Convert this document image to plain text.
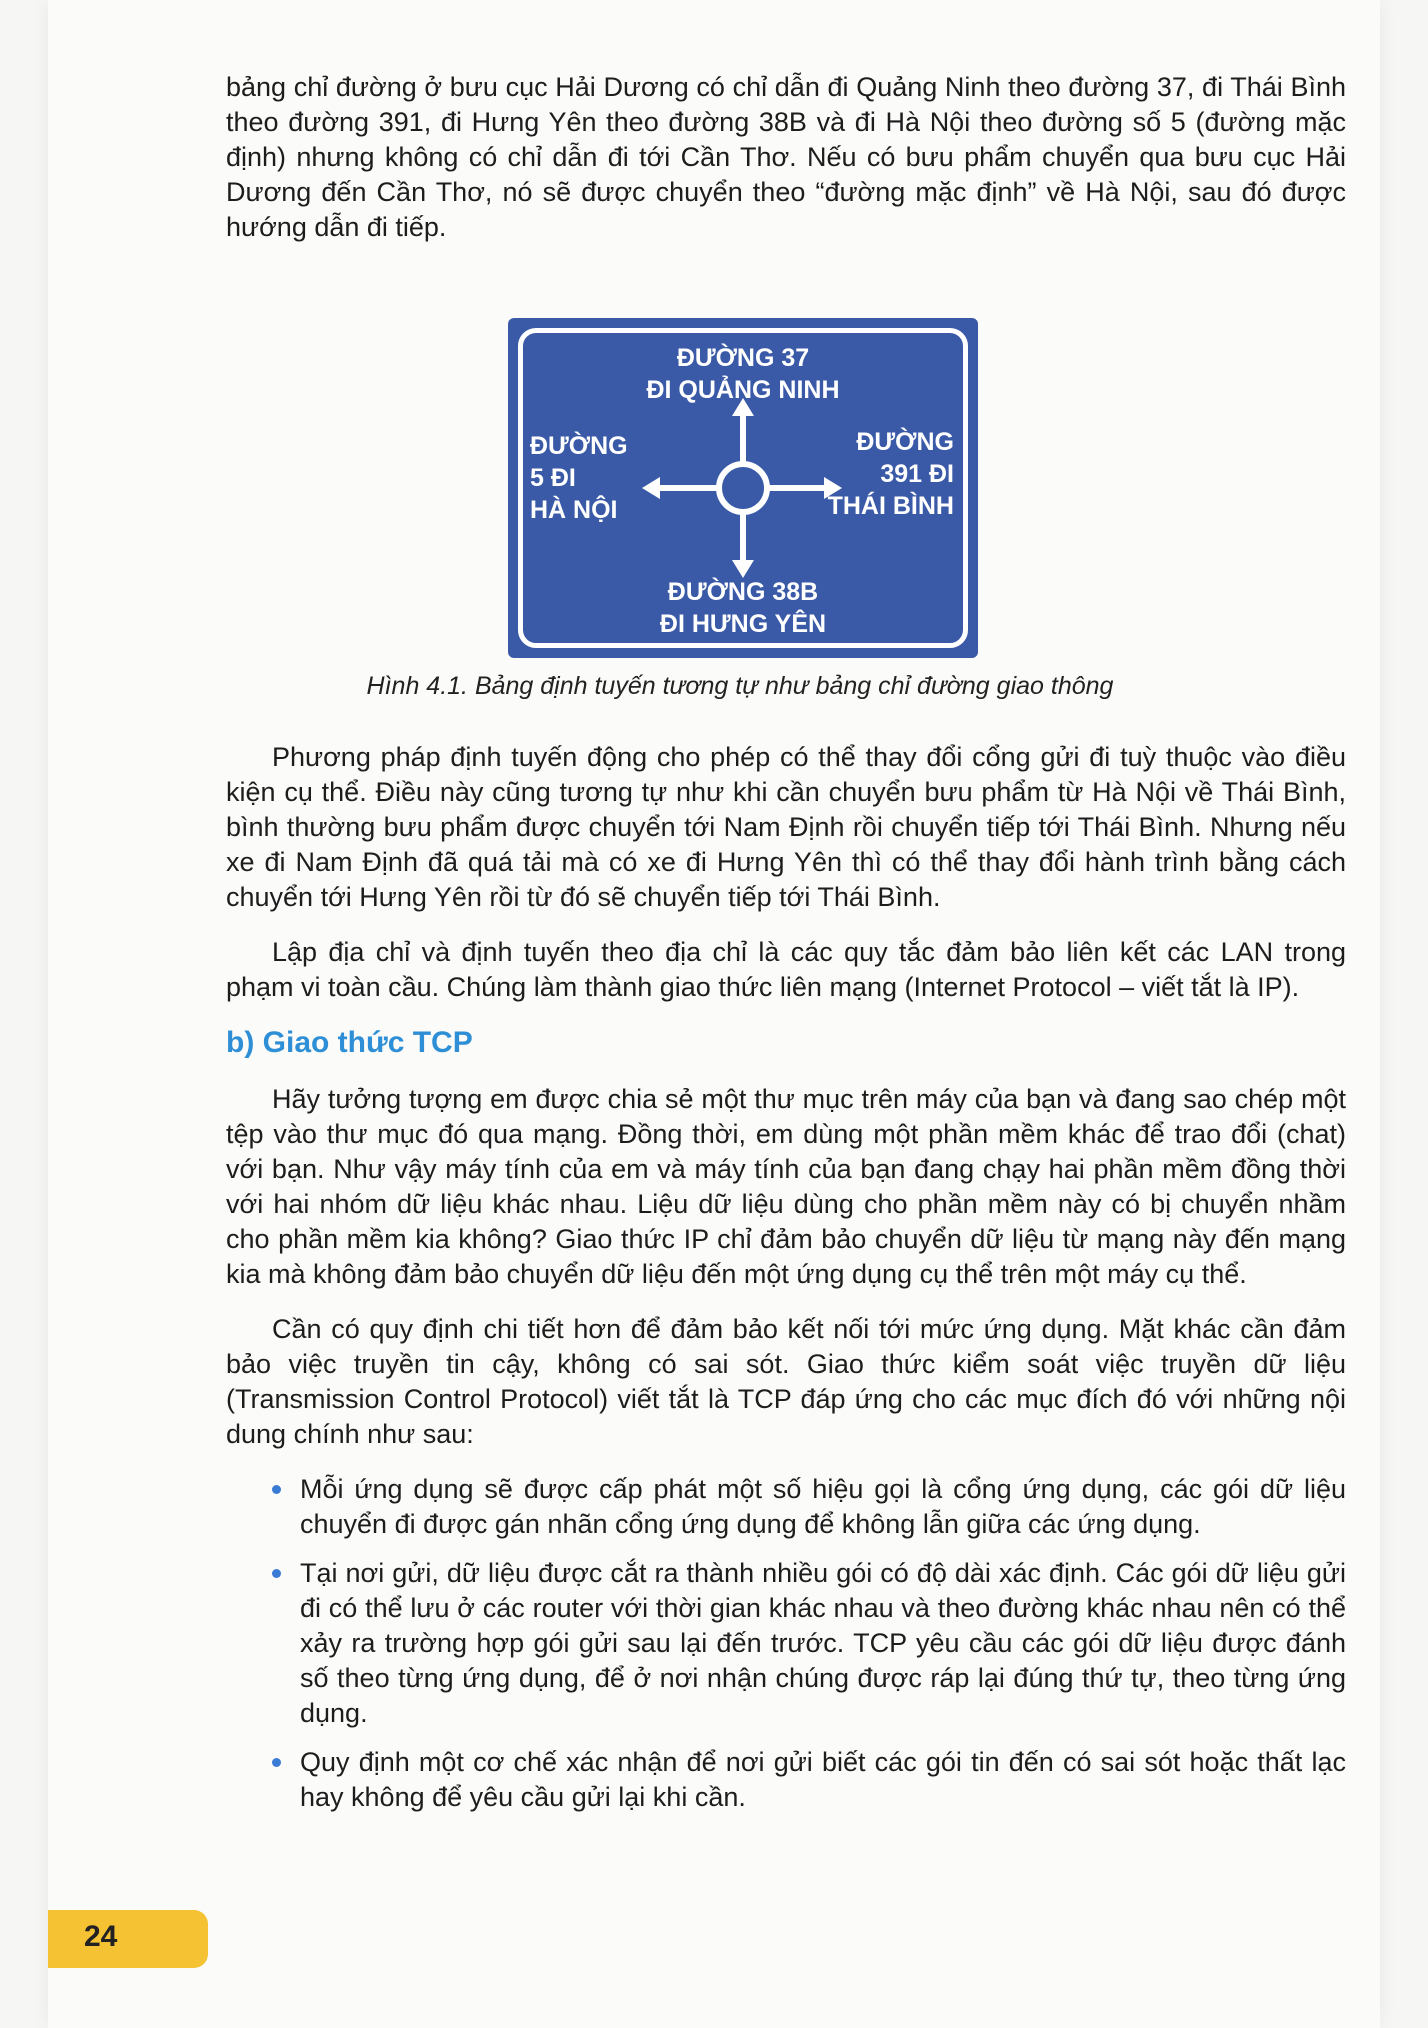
bảng chỉ đường ở bưu cục Hải Dương có chỉ dẫn đi Quảng Ninh theo đường 37, đi Thái Bình theo đường 391, đi Hưng Yên theo đường 38B và đi Hà Nội theo đường số 5 (đường mặc định) nhưng không có chỉ dẫn đi tới Cần Thơ. Nếu có bưu phẩm chuyển qua bưu cục Hải Dương đến Cần Thơ, nó sẽ được chuyển theo “đường mặc định” về Hà Nội, sau đó được hướng dẫn đi tiếp.

ĐƯỜNG 37
ĐI QUẢNG NINH
ĐƯỜNG
5 ĐI
HÀ NỘI
ĐƯỜNG
391 ĐI
THÁI BÌNH
ĐƯỜNG 38B
ĐI HƯNG YÊN
Hình 4.1. Bảng định tuyến tương tự như bảng chỉ đường giao thông

Phương pháp định tuyến động cho phép có thể thay đổi cổng gửi đi tuỳ thuộc vào điều kiện cụ thể. Điều này cũng tương tự như khi cần chuyển bưu phẩm từ Hà Nội về Thái Bình, bình thường bưu phẩm được chuyển tới Nam Định rồi chuyển tiếp tới Thái Bình. Nhưng nếu xe đi Nam Định đã quá tải mà có xe đi Hưng Yên thì có thể thay đổi hành trình bằng cách chuyển tới Hưng Yên rồi từ đó sẽ chuyển tiếp tới Thái Bình.

Lập địa chỉ và định tuyến theo địa chỉ là các quy tắc đảm bảo liên kết các LAN trong phạm vi toàn cầu. Chúng làm thành giao thức liên mạng (Internet Protocol – viết tắt là IP).

b) Giao thức TCP

Hãy tưởng tượng em được chia sẻ một thư mục trên máy của bạn và đang sao chép một tệp vào thư mục đó qua mạng. Đồng thời, em dùng một phần mềm khác để trao đổi (chat) với bạn. Như vậy máy tính của em và máy tính của bạn đang chạy hai phần mềm đồng thời với hai nhóm dữ liệu khác nhau. Liệu dữ liệu dùng cho phần mềm này có bị chuyển nhầm cho phần mềm kia không? Giao thức IP chỉ đảm bảo chuyển dữ liệu từ mạng này đến mạng kia mà không đảm bảo chuyển dữ liệu đến một ứng dụng cụ thể trên một máy cụ thể.

Cần có quy định chi tiết hơn để đảm bảo kết nối tới mức ứng dụng. Mặt khác cần đảm bảo việc truyền tin cậy, không có sai sót. Giao thức kiểm soát việc truyền dữ liệu (Transmission Control Protocol) viết tắt là TCP đáp ứng cho các mục đích đó với những nội dung chính như sau:

Mỗi ứng dụng sẽ được cấp phát một số hiệu gọi là cổng ứng dụng, các gói dữ liệu chuyển đi được gán nhãn cổng ứng dụng để không lẫn giữa các ứng dụng.
Tại nơi gửi, dữ liệu được cắt ra thành nhiều gói có độ dài xác định. Các gói dữ liệu gửi đi có thể lưu ở các router với thời gian khác nhau và theo đường khác nhau nên có thể xảy ra trường hợp gói gửi sau lại đến trước. TCP yêu cầu các gói dữ liệu được đánh số theo từng ứng dụng, để ở nơi nhận chúng được ráp lại đúng thứ tự, theo từng ứng dụng.
Quy định một cơ chế xác nhận để nơi gửi biết các gói tin đến có sai sót hoặc thất lạc hay không để yêu cầu gửi lại khi cần.
24
